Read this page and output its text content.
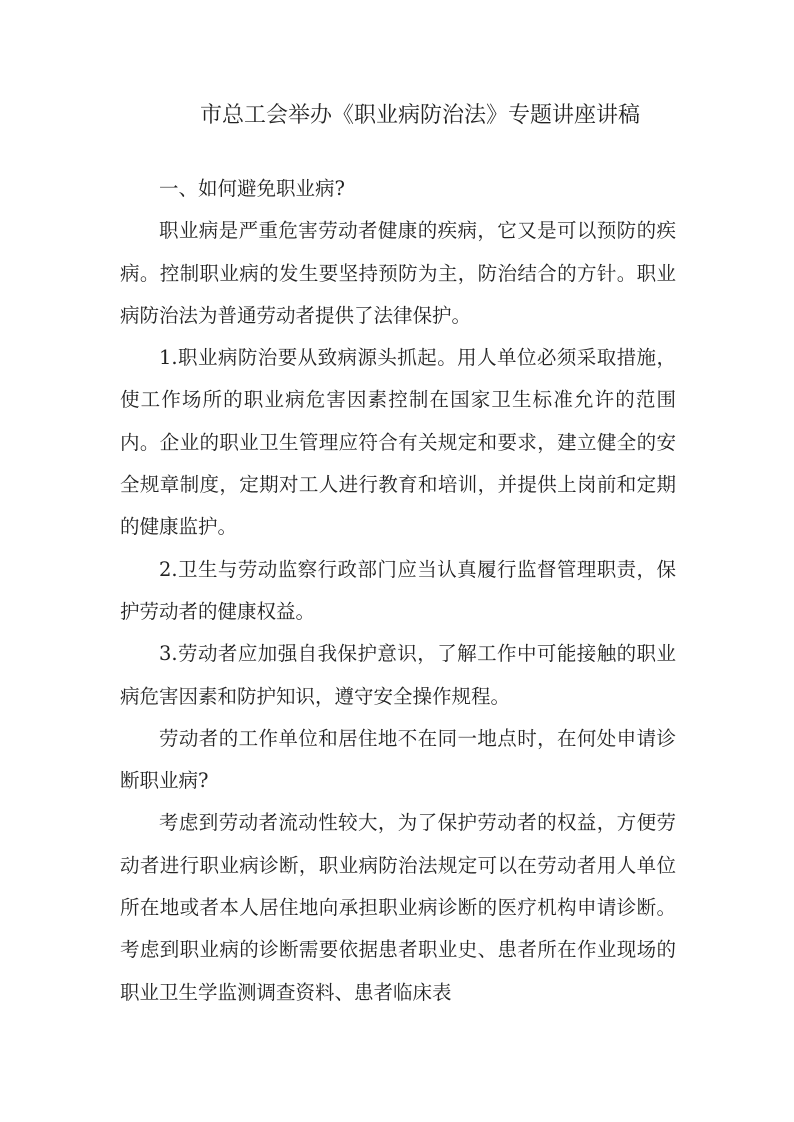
市总工会举办《职业病防治法》专题讲座讲稿

一、如何避免职业病?

职业病是严重危害劳动者健康的疾病，它又是可以预防的疾病。控制职业病的发生要坚持预防为主，防治结合的方针。职业病防治法为普通劳动者提供了法律保护。

1.职业病防治要从致病源头抓起。用人单位必须采取措施，使工作场所的职业病危害因素控制在国家卫生标准允许的范围内。企业的职业卫生管理应符合有关规定和要求，建立健全的安全规章制度，定期对工人进行教育和培训，并提供上岗前和定期的健康监护。

2.卫生与劳动监察行政部门应当认真履行监督管理职责，保护劳动者的健康权益。

3.劳动者应加强自我保护意识，了解工作中可能接触的职业病危害因素和防护知识，遵守安全操作规程。

劳动者的工作单位和居住地不在同一地点时，在何处申请诊断职业病?

考虑到劳动者流动性较大，为了保护劳动者的权益，方便劳动者进行职业病诊断，职业病防治法规定可以在劳动者用人单位所在地或者本人居住地向承担职业病诊断的医疗机构申请诊断。考虑到职业病的诊断需要依据患者职业史、患者所在作业现场的职业卫生学监测调查资料、患者临床表
